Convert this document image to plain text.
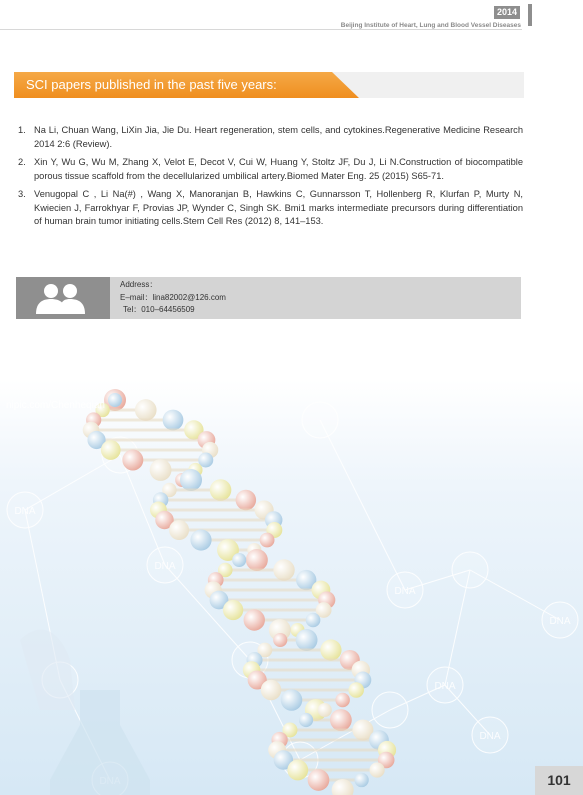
2014
Beijing Institute of Heart, Lung and Blood Vessel Diseases
SCI papers published in the past five years:
1. Na Li, Chuan Wang, LiXin Jia, Jie Du. Heart regeneration, stem cells, and cytokines.Regenerative Medicine Research 2014 2:6 (Review).
2. Xin Y, Wu G, Wu M, Zhang X, Velot E, Decot V, Cui W, Huang Y, Stoltz JF, Du J, Li N.Construction of biocompatible porous tissue scaffold from the decellularized umbilical artery.Biomed Mater Eng. 25 (2015) S65-71.
3. Venugopal C , Li Na(#) , Wang X, Manoranjan B, Hawkins C, Gunnarsson T, Hollenberg R, Klurfan P, Murty N, Kwiecien J, Farrokhyar F, Provias JP, Wynder C, Singh SK. Bmi1 marks intermediate precursors during differentiation of human brain tumor initiating cells.Stem Cell Res (2012) 8, 141–153.
Address：
E–mail：lina82002@126.com
Tel：010–64456509
DNA
DNA
DNA
DNA
DNA
DNA
nipic.com/Chenheqian
101
